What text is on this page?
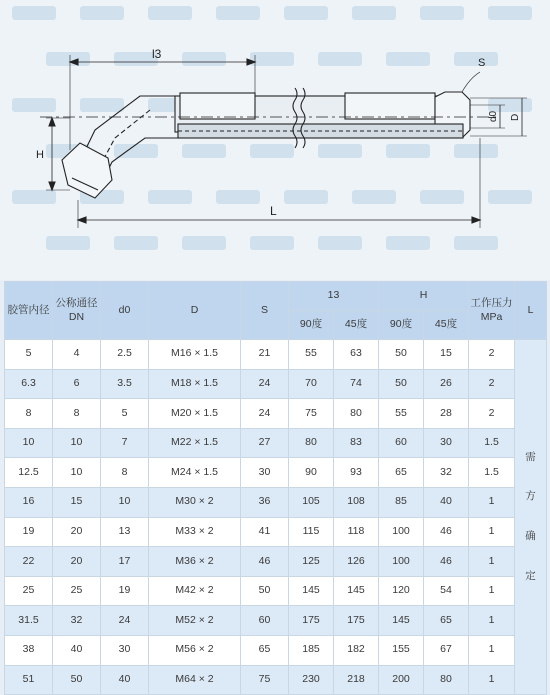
l3
S
d0 D
H
L
胶管内径	公称通径DN	d0	D	S	13		H		工作压力MPa	L
					90度	45度	90度	45度		
5	4	2.5	M16 × 1.5	21	55	63	50	15	2	需
方
确
定

6.3	6	3.5	M18 × 1.5	24	70	74	50	26	2	
8	8	5	M20 × 1.5	24	75	80	55	28	2	
10	10	7	M22 × 1.5	27	80	83	60	30	1.5	
12.5	10	8	M24 × 1.5	30	90	93	65	32	1.5	
16	15	10	M30 × 2	36	105	108	85	40	1	
19	20	13	M33 × 2	41	115	118	100	46	1	
22	20	17	M36 × 2	46	125	126	100	46	1	
25	25	19	M42 × 2	50	145	145	120	54	1	
31.5	32	24	M52 × 2	60	175	175	145	65	1	
38	40	30	M56 × 2	65	185	182	155	67	1	
51	50	40	M64 × 2	75	230	218	200	80	1	
